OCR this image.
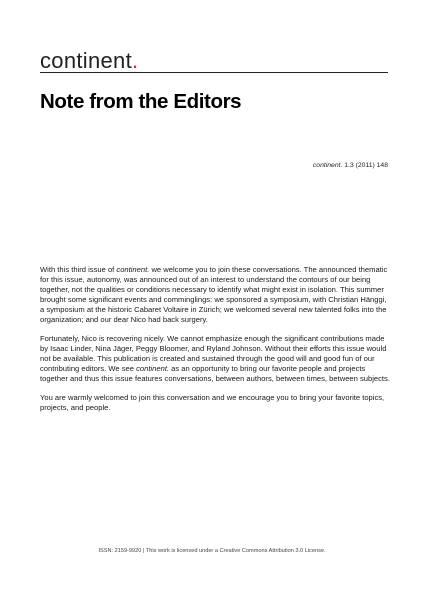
continent.
Note from the Editors
continent. 1.3 (2011) 148

With this third issue of continent. we welcome you to join these conversations. The announced thematic for this issue, autonomy, was announced out of an interest to understand the contours of our being together, not the qualities or conditions necessary to identify what might exist in isolation. This summer brought some significant events and comminglings: we sponsored a symposium, with Christian Hänggi, a symposium at the historic Cabaret Voltaire in Zürich; we welcomed several new talented folks into the organization; and our dear Nico had back surgery.

Fortunately, Nico is recovering nicely. We cannot emphasize enough the significant contributions made by Isaac Linder, Nina Jäger, Peggy Bloomer, and Ryland Johnson. Without their efforts this issue would not be available. This publication is created and sustained through the good will and good fun of our contributing editors. We see continent. as an opportunity to bring our favorite people and projects together and thus this issue features conversations, between authors, between times, between subjects.

You are warmly welcomed to join this conversation and we encourage you to bring your favorite topics, projects, and people.

ISSN: 2159-9920 | This work is licensed under a Creative Commons Attribution 3.0 License.
